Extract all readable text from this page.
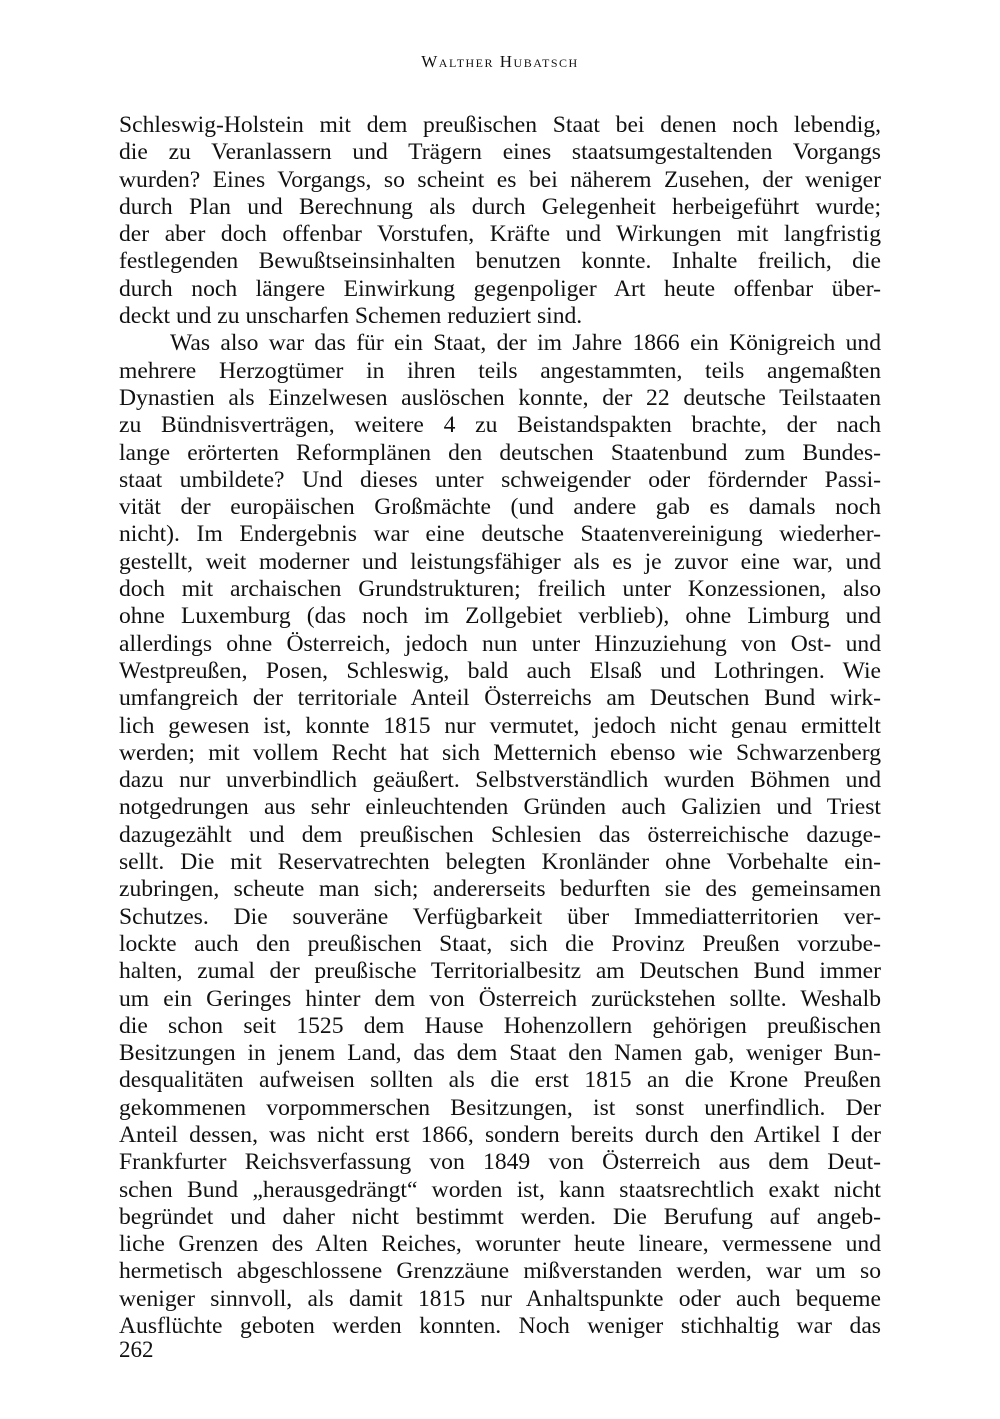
Walther Hubatsch
Schleswig-Holstein mit dem preußischen Staat bei denen noch lebendig,
die zu Veranlassern und Trägern eines staatsumgestaltenden Vorgangs
wurden? Eines Vorgangs, so scheint es bei näherem Zusehen, der weniger
durch Plan und Berechnung als durch Gelegenheit herbeigeführt wurde;
der aber doch offenbar Vorstufen, Kräfte und Wirkungen mit langfristig
festlegenden Bewußtseinsinhalten benutzen konnte. Inhalte freilich, die
durch noch längere Einwirkung gegenpoliger Art heute offenbar über-
deckt und zu unscharfen Schemen reduziert sind.
Was also war das für ein Staat, der im Jahre 1866 ein Königreich und
mehrere Herzogtümer in ihren teils angestammten, teils angemaßten
Dynastien als Einzelwesen auslöschen konnte, der 22 deutsche Teilstaaten
zu Bündnisverträgen, weitere 4 zu Beistandspakten brachte, der nach
lange erörterten Reformplänen den deutschen Staatenbund zum Bundes-
staat umbildete? Und dieses unter schweigender oder fördernder Passi-
vität der europäischen Großmächte (und andere gab es damals noch
nicht). Im Endergebnis war eine deutsche Staatenvereinigung wiederher-
gestellt, weit moderner und leistungsfähiger als es je zuvor eine war, und
doch mit archaischen Grundstrukturen; freilich unter Konzessionen, also
ohne Luxemburg (das noch im Zollgebiet verblieb), ohne Limburg und
allerdings ohne Österreich, jedoch nun unter Hinzuziehung von Ost- und
Westpreußen, Posen, Schleswig, bald auch Elsaß und Lothringen. Wie
umfangreich der territoriale Anteil Österreichs am Deutschen Bund wirk-
lich gewesen ist, konnte 1815 nur vermutet, jedoch nicht genau ermittelt
werden; mit vollem Recht hat sich Metternich ebenso wie Schwarzenberg
dazu nur unverbindlich geäußert. Selbstverständlich wurden Böhmen und
notgedrungen aus sehr einleuchtenden Gründen auch Galizien und Triest
dazugezählt und dem preußischen Schlesien das österreichische dazuge-
sellt. Die mit Reservatrechten belegten Kronländer ohne Vorbehalte ein-
zubringen, scheute man sich; andererseits bedurften sie des gemeinsamen
Schutzes. Die souveräne Verfügbarkeit über Immediatterritorien ver-
lockte auch den preußischen Staat, sich die Provinz Preußen vorzube-
halten, zumal der preußische Territorialbesitz am Deutschen Bund immer
um ein Geringes hinter dem von Österreich zurückstehen sollte. Weshalb
die schon seit 1525 dem Hause Hohenzollern gehörigen preußischen
Besitzungen in jenem Land, das dem Staat den Namen gab, weniger Bun-
desqualitäten aufweisen sollten als die erst 1815 an die Krone Preußen
gekommenen vorpommerschen Besitzungen, ist sonst unerfindlich. Der
Anteil dessen, was nicht erst 1866, sondern bereits durch den Artikel I der
Frankfurter Reichsverfassung von 1849 von Österreich aus dem Deut-
schen Bund „herausgedrängt“ worden ist, kann staatsrechtlich exakt nicht
begründet und daher nicht bestimmt werden. Die Berufung auf angeb-
liche Grenzen des Alten Reiches, worunter heute lineare, vermessene und
hermetisch abgeschlossene Grenzzäune mißverstanden werden, war um so
weniger sinnvoll, als damit 1815 nur Anhaltspunkte oder auch bequeme
Ausflüchte geboten werden konnten. Noch weniger stichhaltig war das
262
